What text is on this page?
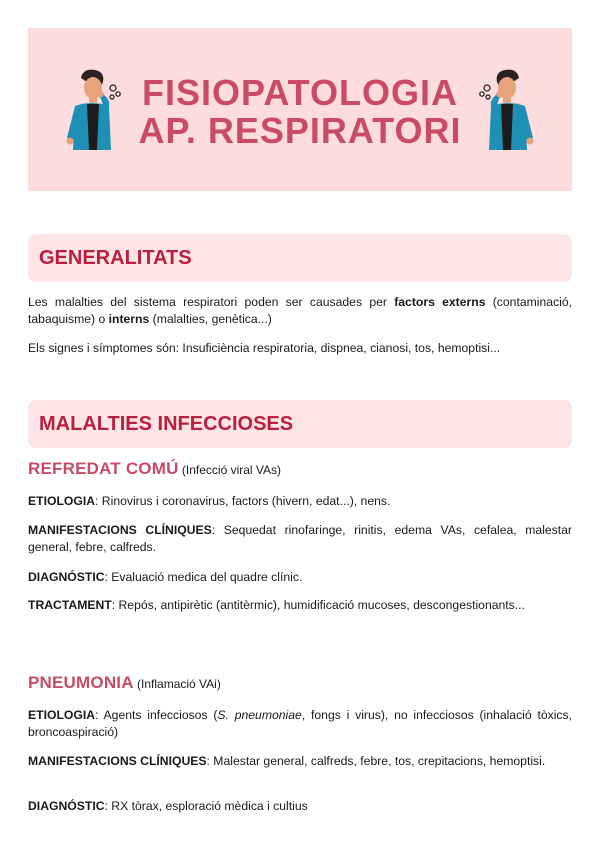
FISIOPATOLOGIA
AP. RESPIRATORI
GENERALITATS
Les malalties del sistema respiratori poden ser causades per factors externs (contaminació, tabaquisme) o interns (malalties, genètica...)
Els signes i símptomes són: Insuficiència respiratoria, dispnea, cianosi, tos, hemoptisi...
MALALTIES INFECCIOSES
REFREDAT COMÚ (Infecció viral VAs)
ETIOLOGIA: Rinovirus i coronavirus, factors (hivern, edat...), nens.
MANIFESTACIONS CLÍNIQUES: Sequedat rinofaringe, rinitis, edema VAs, cefalea, malestar general, febre, calfreds.
DIAGNÓSTIC: Evaluació medica del quadre clínic.
TRACTAMENT: Repós, antipirètic (antitèrmic), humidificació mucoses, descongestionants...
PNEUMONIA (Inflamació VAi)
ETIOLOGIA: Agents infecciosos (S. pneumoniae, fongs i virus), no infecciosos (inhalació tòxics, broncoaspiració)
MANIFESTACIONS CLÍNIQUES: Malestar general, calfreds, febre, tos, crepitacions, hemoptisi.
DIAGNÓSTIC: RX tòrax, esploració mèdica i cultius
